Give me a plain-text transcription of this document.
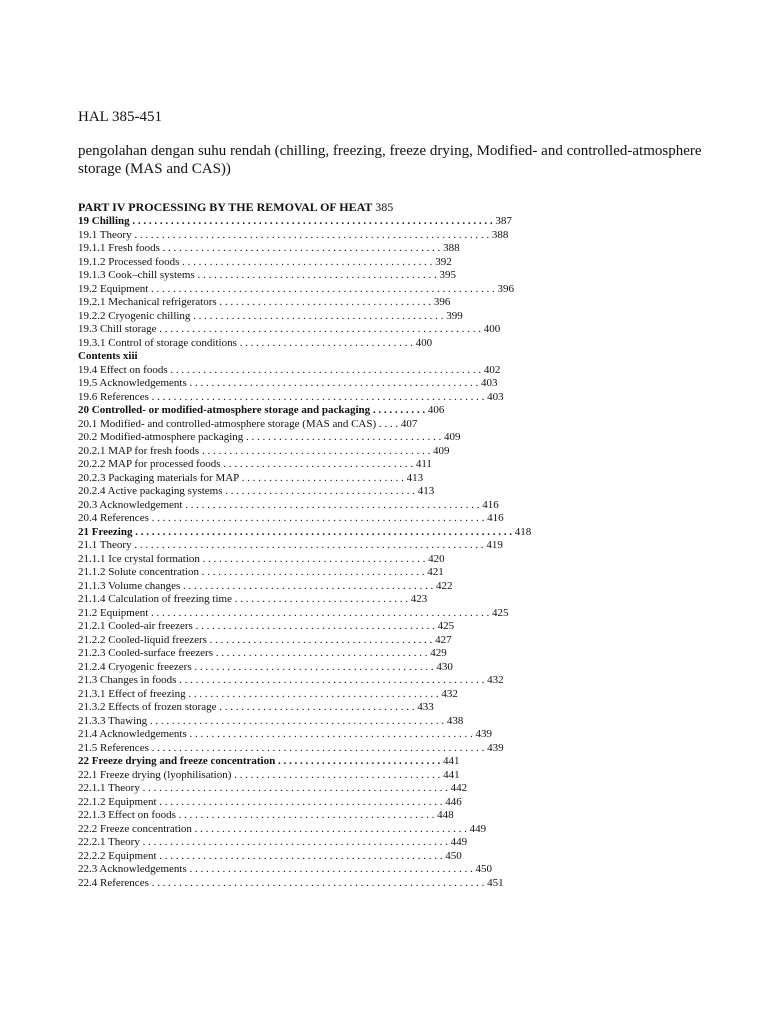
HAL 385-451

pengolahan dengan suhu rendah (chilling, freezing, freeze drying, Modified- and controlled-atmosphere storage (MAS and CAS))
PART IV PROCESSING BY THE REMOVAL OF HEAT 385
19 Chilling . . . . . . . . . . . . . . . . . . . . . . . . . . . . . . . . . . . . . . . . . . . . . . . . . . . . . . . . . . . . . . . . . . 387
19.1 Theory . . . . . . . . . . . . . . . . . . . . . . . . . . . . . . . . . . . . . . . . . . . . . . . . . . . . . . . . . . . . . . . . . 388
19.1.1 Fresh foods . . . . . . . . . . . . . . . . . . . . . . . . . . . . . . . . . . . . . . . . . . . . . . . . . . . 388
19.1.2 Processed foods . . . . . . . . . . . . . . . . . . . . . . . . . . . . . . . . . . . . . . . . . . . . . . 392
19.1.3 Cook–chill systems . . . . . . . . . . . . . . . . . . . . . . . . . . . . . . . . . . . . . . . . . . . . 395
19.2 Equipment . . . . . . . . . . . . . . . . . . . . . . . . . . . . . . . . . . . . . . . . . . . . . . . . . . . . . . . . . . . . . . . 396
19.2.1 Mechanical refrigerators . . . . . . . . . . . . . . . . . . . . . . . . . . . . . . . . . . . . . . . 396
19.2.2 Cryogenic chilling . . . . . . . . . . . . . . . . . . . . . . . . . . . . . . . . . . . . . . . . . . . . . . 399
19.3 Chill storage . . . . . . . . . . . . . . . . . . . . . . . . . . . . . . . . . . . . . . . . . . . . . . . . . . . . . . . . . . . 400
19.3.1 Control of storage conditions . . . . . . . . . . . . . . . . . . . . . . . . . . . . . . . . 400
Contents xiii
19.4 Effect on foods . . . . . . . . . . . . . . . . . . . . . . . . . . . . . . . . . . . . . . . . . . . . . . . . . . . . . . . . . 402
19.5 Acknowledgements . . . . . . . . . . . . . . . . . . . . . . . . . . . . . . . . . . . . . . . . . . . . . . . . . . . . . 403
19.6 References . . . . . . . . . . . . . . . . . . . . . . . . . . . . . . . . . . . . . . . . . . . . . . . . . . . . . . . . . . . . . 403
20 Controlled- or modified-atmosphere storage and packaging . . . . . . . . . . 406
20.1 Modified- and controlled-atmosphere storage (MAS and CAS) . . . . 407
20.2 Modified-atmosphere packaging . . . . . . . . . . . . . . . . . . . . . . . . . . . . . . . . . . . . 409
20.2.1 MAP for fresh foods . . . . . . . . . . . . . . . . . . . . . . . . . . . . . . . . . . . . . . . . . . 409
20.2.2 MAP for processed foods . . . . . . . . . . . . . . . . . . . . . . . . . . . . . . . . . . . 411
20.2.3 Packaging materials for MAP . . . . . . . . . . . . . . . . . . . . . . . . . . . . . . 413
20.2.4 Active packaging systems . . . . . . . . . . . . . . . . . . . . . . . . . . . . . . . . . . . 413
20.3 Acknowledgement . . . . . . . . . . . . . . . . . . . . . . . . . . . . . . . . . . . . . . . . . . . . . . . . . . . . . . 416
20.4 References . . . . . . . . . . . . . . . . . . . . . . . . . . . . . . . . . . . . . . . . . . . . . . . . . . . . . . . . . . . . . 416
21 Freezing . . . . . . . . . . . . . . . . . . . . . . . . . . . . . . . . . . . . . . . . . . . . . . . . . . . . . . . . . . . . . . . . . . . . . 418
21.1 Theory . . . . . . . . . . . . . . . . . . . . . . . . . . . . . . . . . . . . . . . . . . . . . . . . . . . . . . . . . . . . . . . . 419
21.1.1 Ice crystal formation . . . . . . . . . . . . . . . . . . . . . . . . . . . . . . . . . . . . . . . . . 420
21.1.2 Solute concentration . . . . . . . . . . . . . . . . . . . . . . . . . . . . . . . . . . . . . . . . . 421
21.1.3 Volume changes . . . . . . . . . . . . . . . . . . . . . . . . . . . . . . . . . . . . . . . . . . . . . . 422
21.1.4 Calculation of freezing time . . . . . . . . . . . . . . . . . . . . . . . . . . . . . . . . 423
21.2 Equipment . . . . . . . . . . . . . . . . . . . . . . . . . . . . . . . . . . . . . . . . . . . . . . . . . . . . . . . . . . . . . . 425
21.2.1 Cooled-air freezers . . . . . . . . . . . . . . . . . . . . . . . . . . . . . . . . . . . . . . . . . . . . 425
21.2.2 Cooled-liquid freezers . . . . . . . . . . . . . . . . . . . . . . . . . . . . . . . . . . . . . . . . . 427
21.2.3 Cooled-surface freezers . . . . . . . . . . . . . . . . . . . . . . . . . . . . . . . . . . . . . . . 429
21.2.4 Cryogenic freezers . . . . . . . . . . . . . . . . . . . . . . . . . . . . . . . . . . . . . . . . . . . . 430
21.3 Changes in foods . . . . . . . . . . . . . . . . . . . . . . . . . . . . . . . . . . . . . . . . . . . . . . . . . . . . . . . . 432
21.3.1 Effect of freezing . . . . . . . . . . . . . . . . . . . . . . . . . . . . . . . . . . . . . . . . . . . . . . 432
21.3.2 Effects of frozen storage . . . . . . . . . . . . . . . . . . . . . . . . . . . . . . . . . . . . 433
21.3.3 Thawing . . . . . . . . . . . . . . . . . . . . . . . . . . . . . . . . . . . . . . . . . . . . . . . . . . . . . . 438
21.4 Acknowledgements . . . . . . . . . . . . . . . . . . . . . . . . . . . . . . . . . . . . . . . . . . . . . . . . . . . . 439
21.5 References . . . . . . . . . . . . . . . . . . . . . . . . . . . . . . . . . . . . . . . . . . . . . . . . . . . . . . . . . . . . . 439
22 Freeze drying and freeze concentration . . . . . . . . . . . . . . . . . . . . . . . . . . . . . . 441
22.1 Freeze drying (lyophilisation) . . . . . . . . . . . . . . . . . . . . . . . . . . . . . . . . . . . . . . 441
22.1.1 Theory . . . . . . . . . . . . . . . . . . . . . . . . . . . . . . . . . . . . . . . . . . . . . . . . . . . . . . . . 442
22.1.2 Equipment . . . . . . . . . . . . . . . . . . . . . . . . . . . . . . . . . . . . . . . . . . . . . . . . . . . . 446
22.1.3 Effect on foods . . . . . . . . . . . . . . . . . . . . . . . . . . . . . . . . . . . . . . . . . . . . . . . 448
22.2 Freeze concentration . . . . . . . . . . . . . . . . . . . . . . . . . . . . . . . . . . . . . . . . . . . . . . . . . . 449
22.2.1 Theory . . . . . . . . . . . . . . . . . . . . . . . . . . . . . . . . . . . . . . . . . . . . . . . . . . . . . . . . 449
22.2.2 Equipment . . . . . . . . . . . . . . . . . . . . . . . . . . . . . . . . . . . . . . . . . . . . . . . . . . . . 450
22.3 Acknowledgements . . . . . . . . . . . . . . . . . . . . . . . . . . . . . . . . . . . . . . . . . . . . . . . . . . . . 450
22.4 References . . . . . . . . . . . . . . . . . . . . . . . . . . . . . . . . . . . . . . . . . . . . . . . . . . . . . . . . . . . . . 451
